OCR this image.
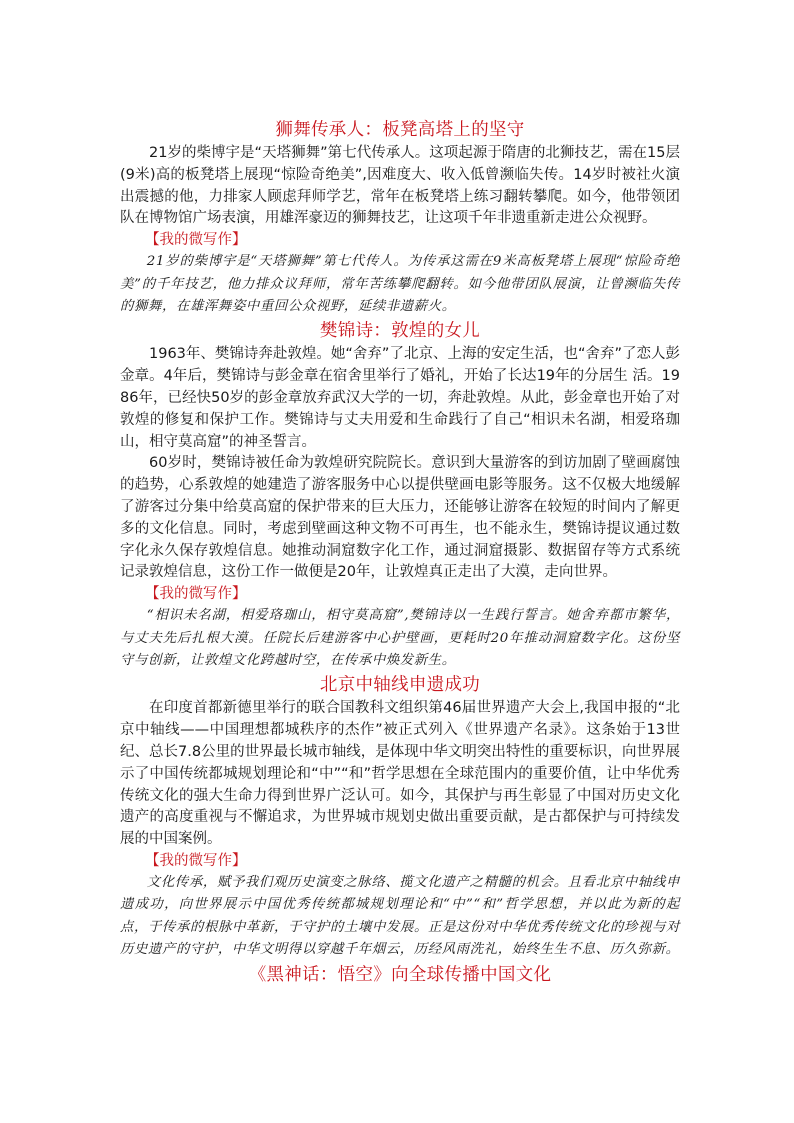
狮舞传承人：板凳高塔上的坚守

21岁的柴博宇是“天塔狮舞”第七代传承人。这项起源于隋唐的北狮技艺，需在15层(9米)高的板凳塔上展现“惊险奇绝美”,因难度大、收入低曾濒临失传。14岁时被社火演出震撼的他，力排家人顾虑拜师学艺，常年在板凳塔上练习翻转攀爬。如今，他带领团队在博物馆广场表演，用雄浑豪迈的狮舞技艺，让这项千年非遗重新走进公众视野。

【我的微写作】

21岁的柴博宇是“天塔狮舞”第七代传人。为传承这需在9米高板凳塔上展现“惊险奇绝美”的千年技艺，他力排众议拜师，常年苦练攀爬翻转。如今他带团队展演，让曾濒临失传的狮舞，在雄浑舞姿中重回公众视野，延续非遗薪火。

樊锦诗：敦煌的女儿

1963年、樊锦诗奔赴敦煌。她“舍弃”了北京、上海的安定生活，也“舍弃”了恋人彭金章。4年后，樊锦诗与彭金章在宿舍里举行了婚礼，开始了长达19年的分居生 活。1986年，已经快50岁的彭金章放弃武汉大学的一切，奔赴敦煌。从此，彭金章也开始了对敦煌的修复和保护工作。樊锦诗与丈夫用爱和生命践行了自己“相识未名湖，相爱珞珈山，相守莫高窟”的神圣誓言。

60岁时，樊锦诗被任命为敦煌研究院院长。意识到大量游客的到访加剧了壁画腐蚀的趋势，心系敦煌的她建造了游客服务中心以提供壁画电影等服务。这不仅极大地缓解了游客过分集中给莫高窟的保护带来的巨大压力，还能够让游客在较短的时间内了解更多的文化信息。同时，考虑到壁画这种文物不可再生，也不能永生，樊锦诗提议通过数 字化永久保存敦煌信息。她推动洞窟数字化工作，通过洞窟摄影、数据留存等方式系统 记录敦煌信息，这份工作一做便是20年，让敦煌真正走出了大漠，走向世界。

【我的微写作】

“相识未名湖，相爱珞珈山，相守莫高窟”,樊锦诗以一生践行誓言。她舍弃都市繁华，与丈夫先后扎根大漠。任院长后建游客中心护壁画，更耗时20年推动洞窟数字化。这份坚守与创新，让敦煌文化跨越时空，在传承中焕发新生。

北京中轴线申遗成功

在印度首都新德里举行的联合国教科文组织第46届世界遗产大会上,我国申报的“北京中轴线——中国理想都城秩序的杰作”被正式列入《世界遗产名录》。这条始于13世纪、总长7.8公里的世界最长城市轴线，是体现中华文明突出特性的重要标识，向世界展示了中国传统都城规划理论和“中”“和”哲学思想在全球范围内的重要价值，让中华优秀传统文化的强大生命力得到世界广泛认可。如今，其保护与再生彰显了中国对历史文化遗产的高度重视与不懈追求，为世界城市规划史做出重要贡献，是古都保护与可持续发展的中国案例。

【我的微写作】

文化传承，赋予我们观历史演变之脉络、揽文化遗产之精髓的机会。且看北京中轴线申遗成功，向世界展示中国优秀传统都城规划理论和“中”“和”哲学思想，并以此为新的起点，于传承的根脉中革新，于守护的土壤中发展。正是这份对中华优秀传统文化的珍视与对历史遗产的守护，中华文明得以穿越千年烟云，历经风雨洗礼，始终生生不息、历久弥新。

《黑神话：悟空》向全球传播中国文化
